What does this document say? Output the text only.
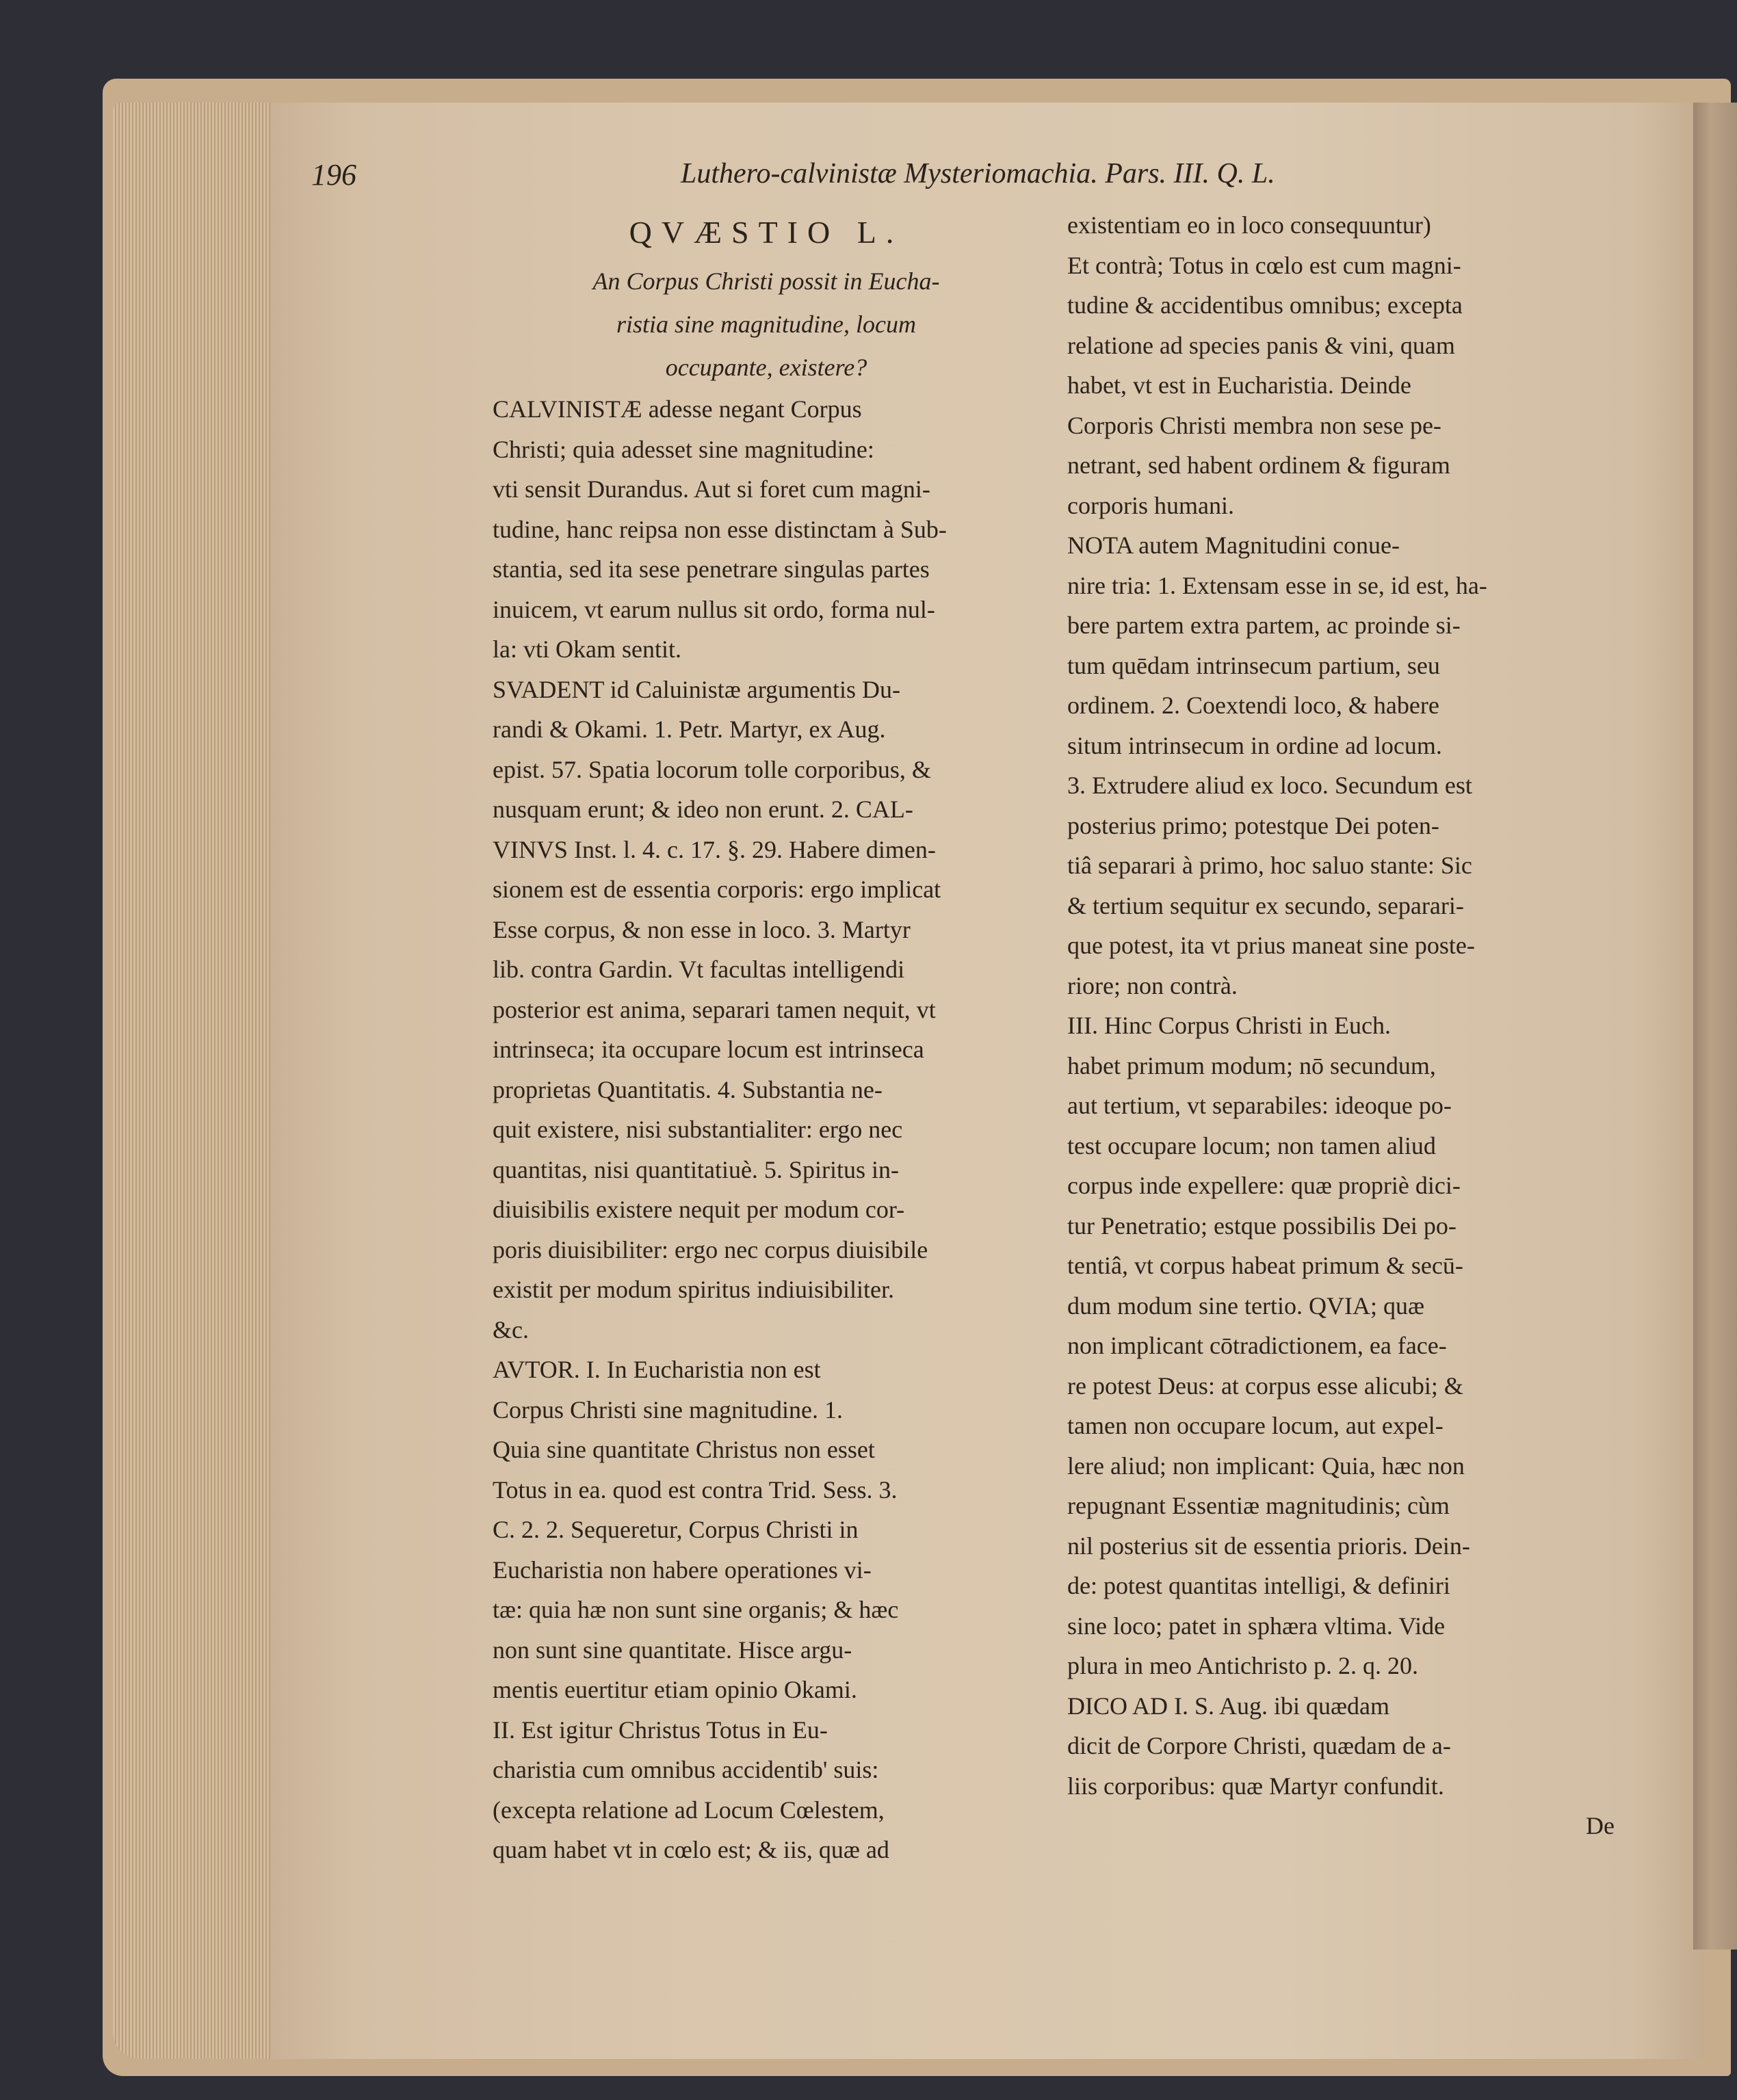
196	Luthero-calvinistæ Mysteriomachia. Pars. III. Q. L.
QVÆSTIO L.
An Corpus Christi possit in Eucha-
ristia sine magnitudine, locum
occupante, existere?
CALVINISTÆ adesse negant Corpus
Christi; quia adesset sine magnitudine:
vti sensit Durandus. Aut si foret cum magni-
tudine, hanc reipsa non esse distinctam à Sub-
stantia, sed ita sese penetrare singulas partes
inuicem, vt earum nullus sit ordo, forma nul-
la: vti Okam sentit.
SVADENT id Caluinistæ argumentis Du-
randi & Okami. 1. Petr. Martyr, ex Aug.
epist. 57. Spatia locorum tolle corporibus, &
nusquam erunt; & ideo non erunt. 2. CAL-
VINVS Inst. l. 4. c. 17. §. 29. Habere dimen-
sionem est de essentia corporis: ergo implicat
Esse corpus, & non esse in loco. 3. Martyr
lib. contra Gardin. Vt facultas intelligendi
posterior est anima, separari tamen nequit, vt
intrinseca; ita occupare locum est intrinseca
proprietas Quantitatis. 4. Substantia ne-
quit existere, nisi substantialiter: ergo nec
quantitas, nisi quantitatiuè. 5. Spiritus in-
diuisibilis existere nequit per modum cor-
poris diuisibiliter: ergo nec corpus diuisibile
existit per modum spiritus indiuisibiliter.
&c.
AVTOR. I. In Eucharistia non est
Corpus Christi sine magnitudine. 1.
Quia sine quantitate Christus non esset
Totus in ea. quod est contra Trid. Sess. 3.
C. 2. 2. Sequeretur, Corpus Christi in
Eucharistia non habere operationes vi-
tæ: quia hæ non sunt sine organis; & hæc
non sunt sine quantitate. Hisce argu-
mentis euertitur etiam opinio Okami.
II. Est igitur Christus Totus in Eu-
charistia cum omnibus accidentib' suis:
(excepta relatione ad Locum Cœlestem,
quam habet vt in cœlo est; & iis, quæ ad
existentiam eo in loco consequuntur)
Et contrà; Totus in cœlo est cum magni-
tudine & accidentibus omnibus; excepta
relatione ad species panis & vini, quam
habet, vt est in Eucharistia. Deinde
Corporis Christi membra non sese pe-
netrant, sed habent ordinem & figuram
corporis humani.
NOTA autem Magnitudini conue-
nire tria: 1. Extensam esse in se, id est, ha-
bere partem extra partem, ac proinde si-
tum quēdam intrinsecum partium, seu
ordinem. 2. Coextendi loco, & habere
situm intrinsecum in ordine ad locum.
3. Extrudere aliud ex loco. Secundum est
posterius primo; potestque Dei poten-
tiâ separari à primo, hoc saluo stante: Sic
& tertium sequitur ex secundo, separari-
que potest, ita vt prius maneat sine poste-
riore; non contrà.
III. Hinc Corpus Christi in Euch.
habet primum modum; nō secundum,
aut tertium, vt separabiles: ideoque po-
test occupare locum; non tamen aliud
corpus inde expellere: quæ propriè dici-
tur Penetratio; estque possibilis Dei po-
tentiâ, vt corpus habeat primum & secū-
dum modum sine tertio. QVIA; quæ
non implicant cōtradictionem, ea face-
re potest Deus: at corpus esse alicubi; &
tamen non occupare locum, aut expel-
lere aliud; non implicant: Quia, hæc non
repugnant Essentiæ magnitudinis; cùm
nil posterius sit de essentia prioris. Dein-
de: potest quantitas intelligi, & definiri
sine loco; patet in sphæra vltima. Vide
plura in meo Antichristo p. 2. q. 20.
DICO AD I. S. Aug. ibi quædam
dicit de Corpore Christi, quædam de a-
liis corporibus: quæ Martyr confundit.
De
